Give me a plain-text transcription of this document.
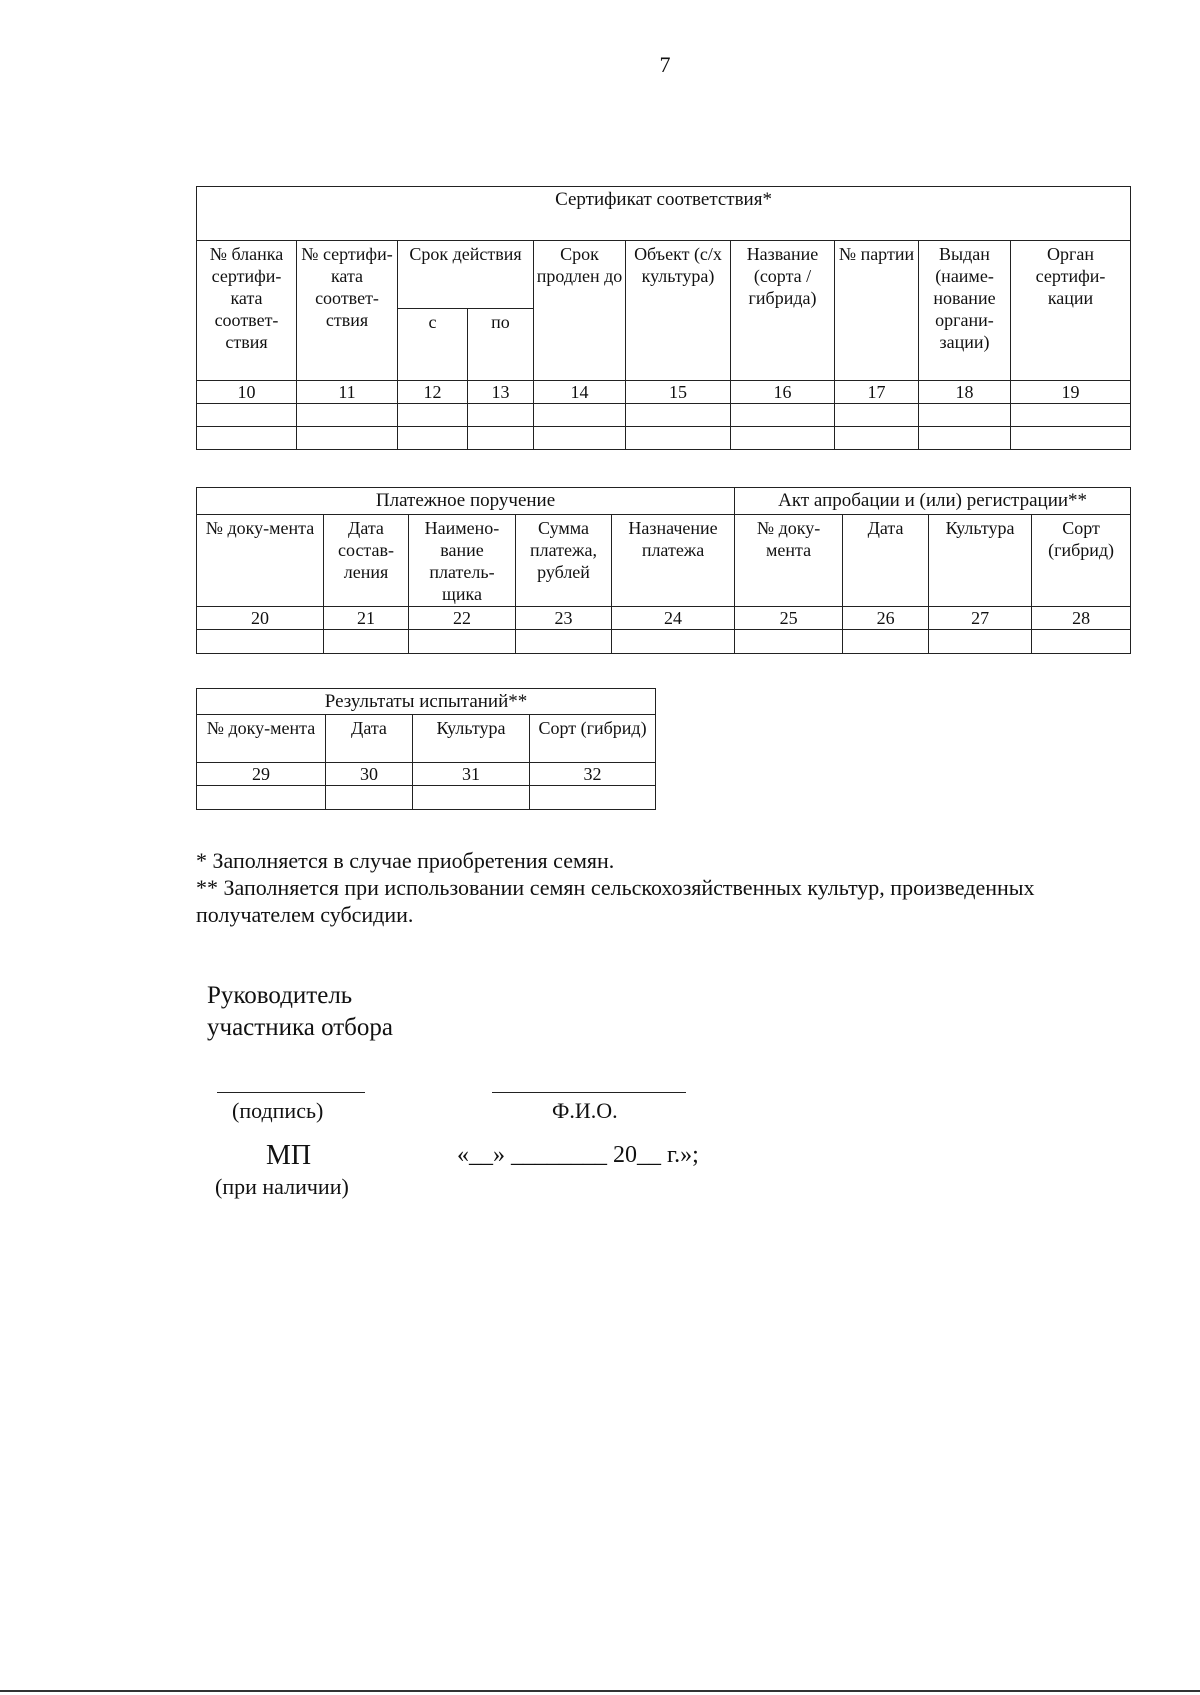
7
Сертификат соответствия*									
№ бланка сертифи-ката соответ-ствия	№ сертифи-ката соответ-ствия	Срок действия		Срок продлен до	Объект (с/х культура)	Название (сорта / гибрида)	№ партии	Выдан (наиме-нование органи-зации)	Орган сертифи-кации
		с	по						
10	11	12	13	14	15	16	17	18	19

Платежное поручение					Акт апробации и (или) регистрации**			
№ доку-мента	Дата состав-ления	Наимено-вание платель-щика	Сумма платежа, рублей	Назначение платежа	№ доку-мента	Дата	Культура	Сорт (гибрид)
20	21	22	23	24	25	26	27	28

Результаты испытаний**			
№ доку-мента	Дата	Культура	Сорт (гибрид)
29	30	31	32

* Заполняется в случае приобретения семян.
** Заполняется при использовании семян сельскохозяйственных культур, произведенных получателем субсидии.
Руководитель
участника отбора
(подпись)	Ф.И.О.
МП
(при наличии)
«__» ________ 20__ г.»;
